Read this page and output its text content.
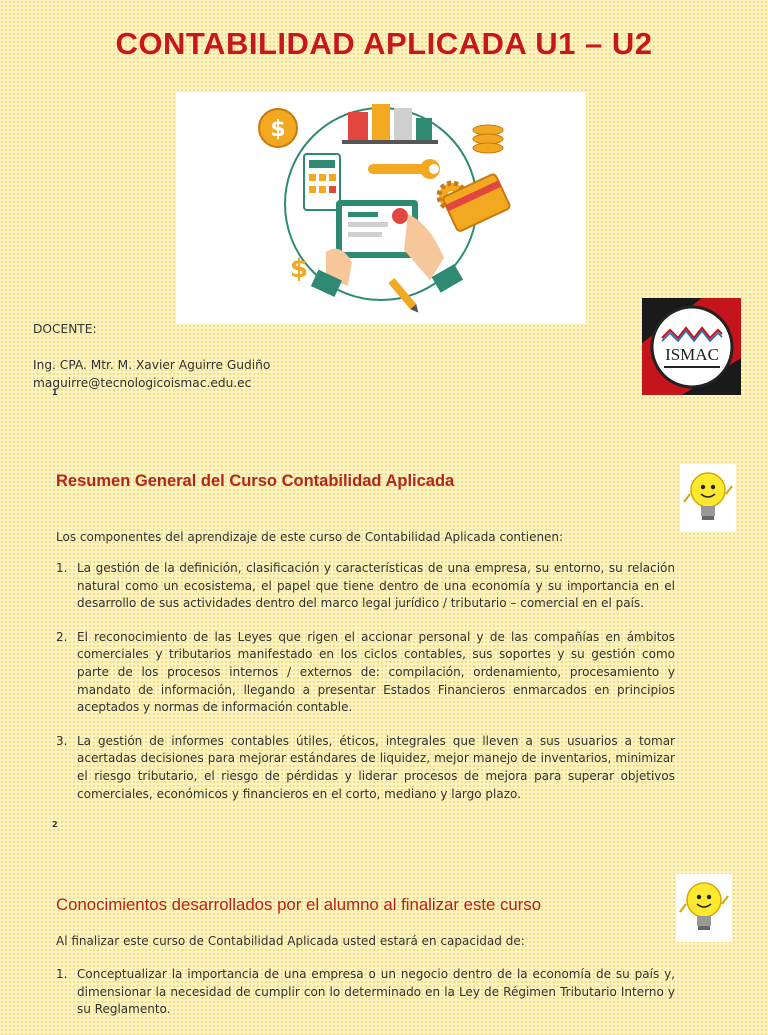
CONTABILIDAD APLICADA U1 – U2
$
$
DOCENTE:
Ing. CPA. Mtr. M. Xavier Aguirre Gudiño
maguirre@tecnologicoismac.edu.ec
1
ISMAC
Resumen General del Curso Contabilidad Aplicada

Los componentes del aprendizaje de este curso de Contabilidad Aplicada contienen:

1. La gestión de la definición, clasificación y características de una empresa, su entorno, su relación natural como un ecosistema, el papel que tiene dentro de una economía y su importancia en el desarrollo de sus actividades dentro del marco legal jurídico / tributario – comercial en el país.
2. El reconocimiento de las Leyes que rigen el accionar personal y de las compañías en ámbitos comerciales y tributarios manifestado en los ciclos contables, sus soportes y su gestión como parte de los procesos internos / externos de: compilación, ordenamiento, procesamiento y mandato de información, llegando a presentar Estados Financieros enmarcados en principios aceptados y normas de información contable.
3. La gestión de informes contables útiles, éticos, integrales que lleven a sus usuarios a tomar acertadas decisiones para mejorar estándares de liquidez, mejor manejo de inventarios, minimizar el riesgo tributario, el riesgo de pérdidas y liderar procesos de mejora para superar objetivos comerciales, económicos y financieros en el corto, mediano y largo plazo.
2
Conocimientos desarrollados por el alumno al finalizar este curso

Al finalizar este curso de Contabilidad Aplicada usted estará en capacidad de:

1. Conceptualizar la importancia de una empresa o un negocio dentro de la economía de su país y, dimensionar la necesidad de cumplir con lo determinado en la Ley de Régimen Tributario Interno y su Reglamento.
